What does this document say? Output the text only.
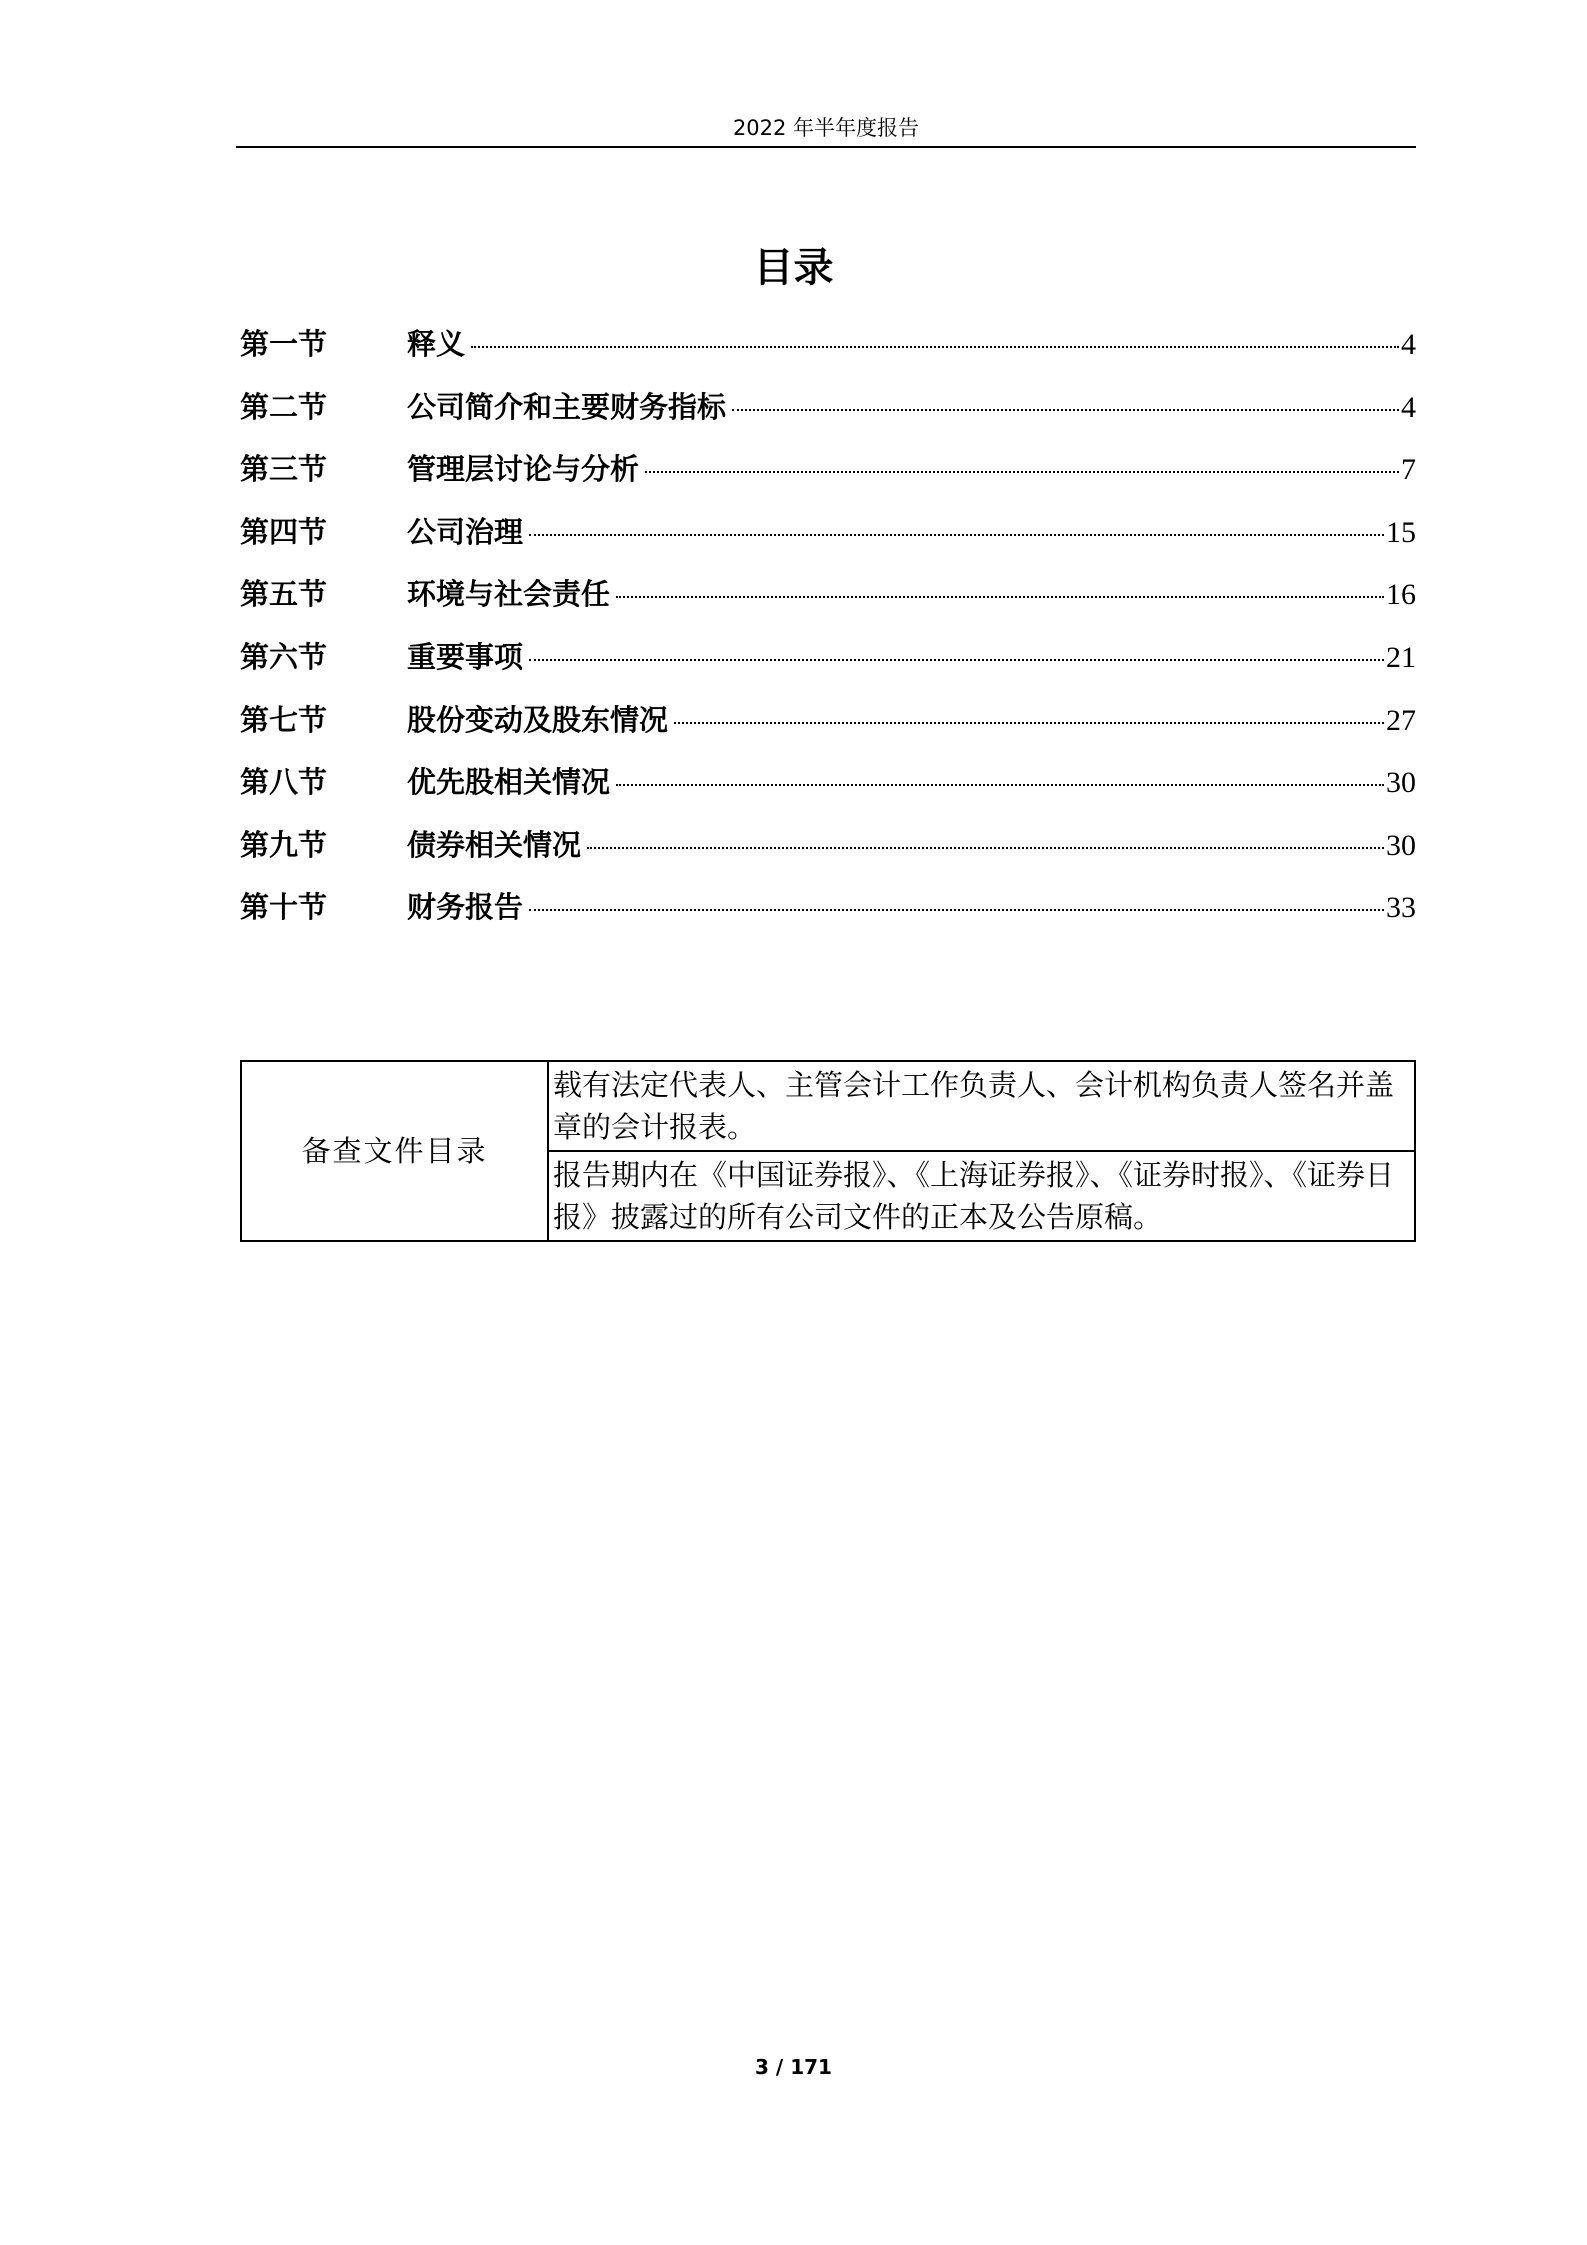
2022 年半年度报告
目录
第一节	释义	4
第二节	公司简介和主要财务指标	4
第三节	管理层讨论与分析	7
第四节	公司治理	15
第五节	环境与社会责任	16
第六节	重要事项	21
第七节	股份变动及股东情况	27
第八节	优先股相关情况	30
第九节	债券相关情况	30
第十节	财务报告	33
备查文件目录	载有法定代表人、主管会计工作负责人、会计机构负责人签名并盖章的会计报表。
报告期内在《中国证券报》、《上海证券报》、《证券时报》、《证券日报》披露过的所有公司文件的正本及公告原稿。
3 / 171
